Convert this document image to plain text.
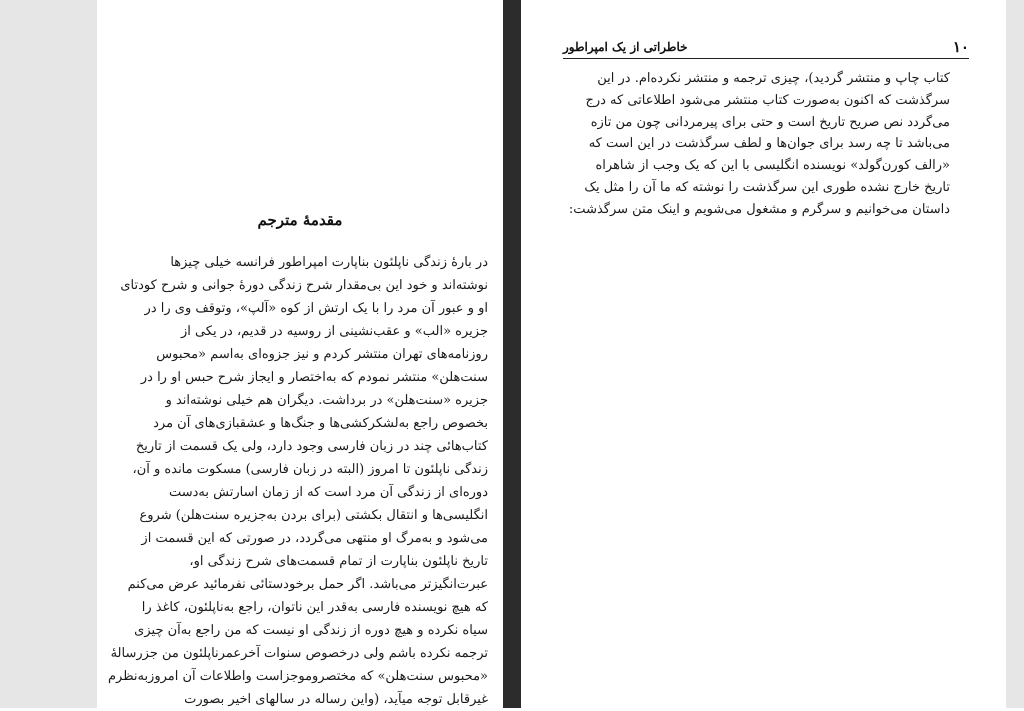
مقدمهٔ مترجم
در بارهٔ زندگی ناپلئون بناپارت امپراطور فرانسه خیلی چیزها
نوشته‌اند و خود این بی‌مقدار شرح زندگی دورهٔ جوانی و شرح کودتای
او و عبور آن مرد را با یک ارتش از کوه «آلپ»، وتوقف وی را در
جزیره «الب» و عقب‌نشینی از روسیه در قدیم، در یکی از
روزنامه‌های تهران منتشر کردم و نیز جزوه‌ای به‌اسم «محبوس
سنت‌هلن» منتشر نمودم که به‌اختصار و ایجاز شرح حبس او را در
جزیره «سنت‌هلن» در برداشت. دیگران هم خیلی نوشته‌اند و
بخصوص راجع به‌لشکرکشی‌ها و جنگ‌ها و عشقبازی‌های آن مرد
کتاب‌هائی چند در زبان فارسی وجود دارد، ولی یک قسمت از تاریخ
زندگی ناپلئون تا امروز (البته در زبان فارسی) مسکوت مانده و آن،
دوره‌ای از زندگی آن مرد است که از زمان اسارتش به‌دست
انگلیسی‌ها و انتقال بکشتی (برای بردن به‌جزیره سنت‌هلن) شروع
می‌شود و به‌مرگ او منتهی می‌گردد، در صورتی که این قسمت از
تاریخ ناپلئون بناپارت از تمام قسمت‌های شرح زندگی او،
عبرت‌انگیزتر می‌باشد. اگر حمل برخودستائی نفرمائید عرض می‌کنم
که هیچ نویسنده فارسی به‌قدر این ناتوان، راجع به‌ناپلئون، کاغذ را
سیاه نکرده و هیچ دوره از زندگی او نیست که من راجع به‌آن چیزی
ترجمه نکرده باشم ولی درخصوص سنوات آخرعمرناپلئون من جزرسالهٔ
«محبوس سنت‌هلن» که مختصروموجزاست واطلاعات آن امروزبه‌نظرم
غیرقابل توجه میآید، (واین رساله در سالهای اخیر بصورت
۱۰
خاطراتی از یک امپراطور
کتاب چاپ و منتشر گردید)، چیزی ترجمه و منتشر نکرده‌ام. در این
سرگذشت که اکنون به‌صورت کتاب منتشر می‌شود اطلاعاتی که درج
می‌گردد نص صریح تاریخ است و حتی برای پیرمردانی چون من تازه
می‌باشد تا چه رسد برای جوان‌ها و لطف سرگذشت در این است که
«رالف کورن‌گولد» نویسنده انگلیسی با این که یک وجب از شاهراه
تاریخ خارج نشده طوری این سرگذشت را نوشته که ما آن را مثل یک
داستان می‌خوانیم و سرگرم و مشغول می‌شویم و اینک متن سرگذشت:
